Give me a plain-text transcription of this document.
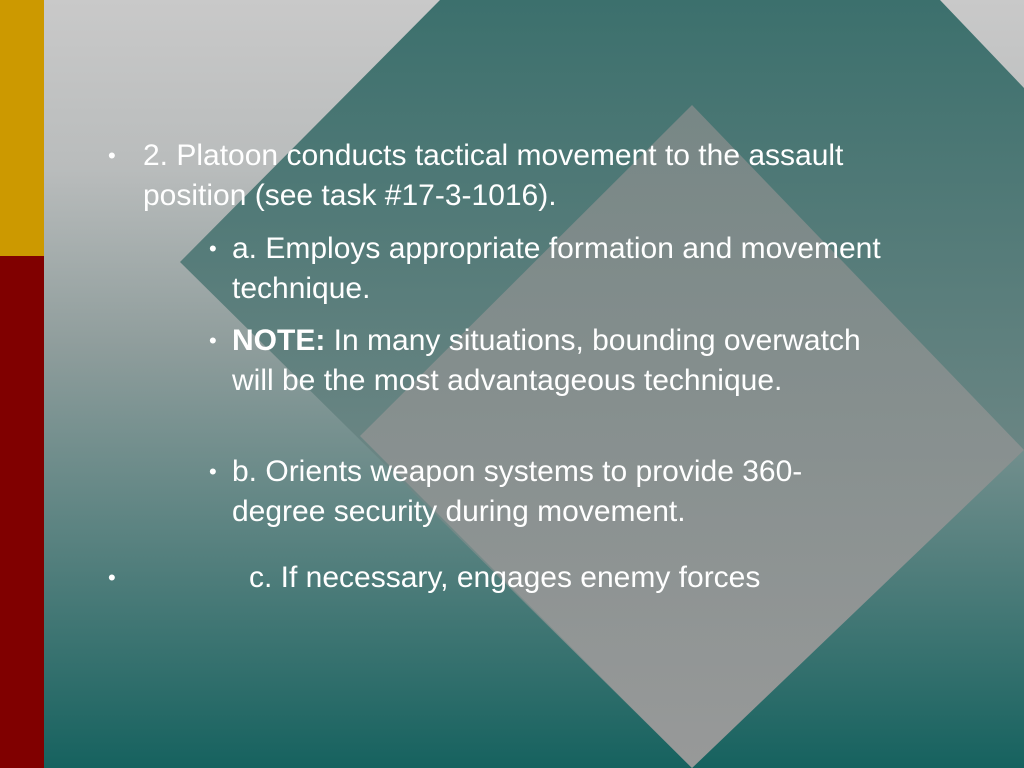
• 2. Platoon conducts tactical movement to the assault position (see task #17-3-1016).
• a. Employs appropriate formation and movement technique.
• NOTE: In many situations, bounding overwatch will be the most advantageous technique.
• b. Orients weapon systems to provide 360-degree security during movement.
•	c. If necessary, engages enemy forces
